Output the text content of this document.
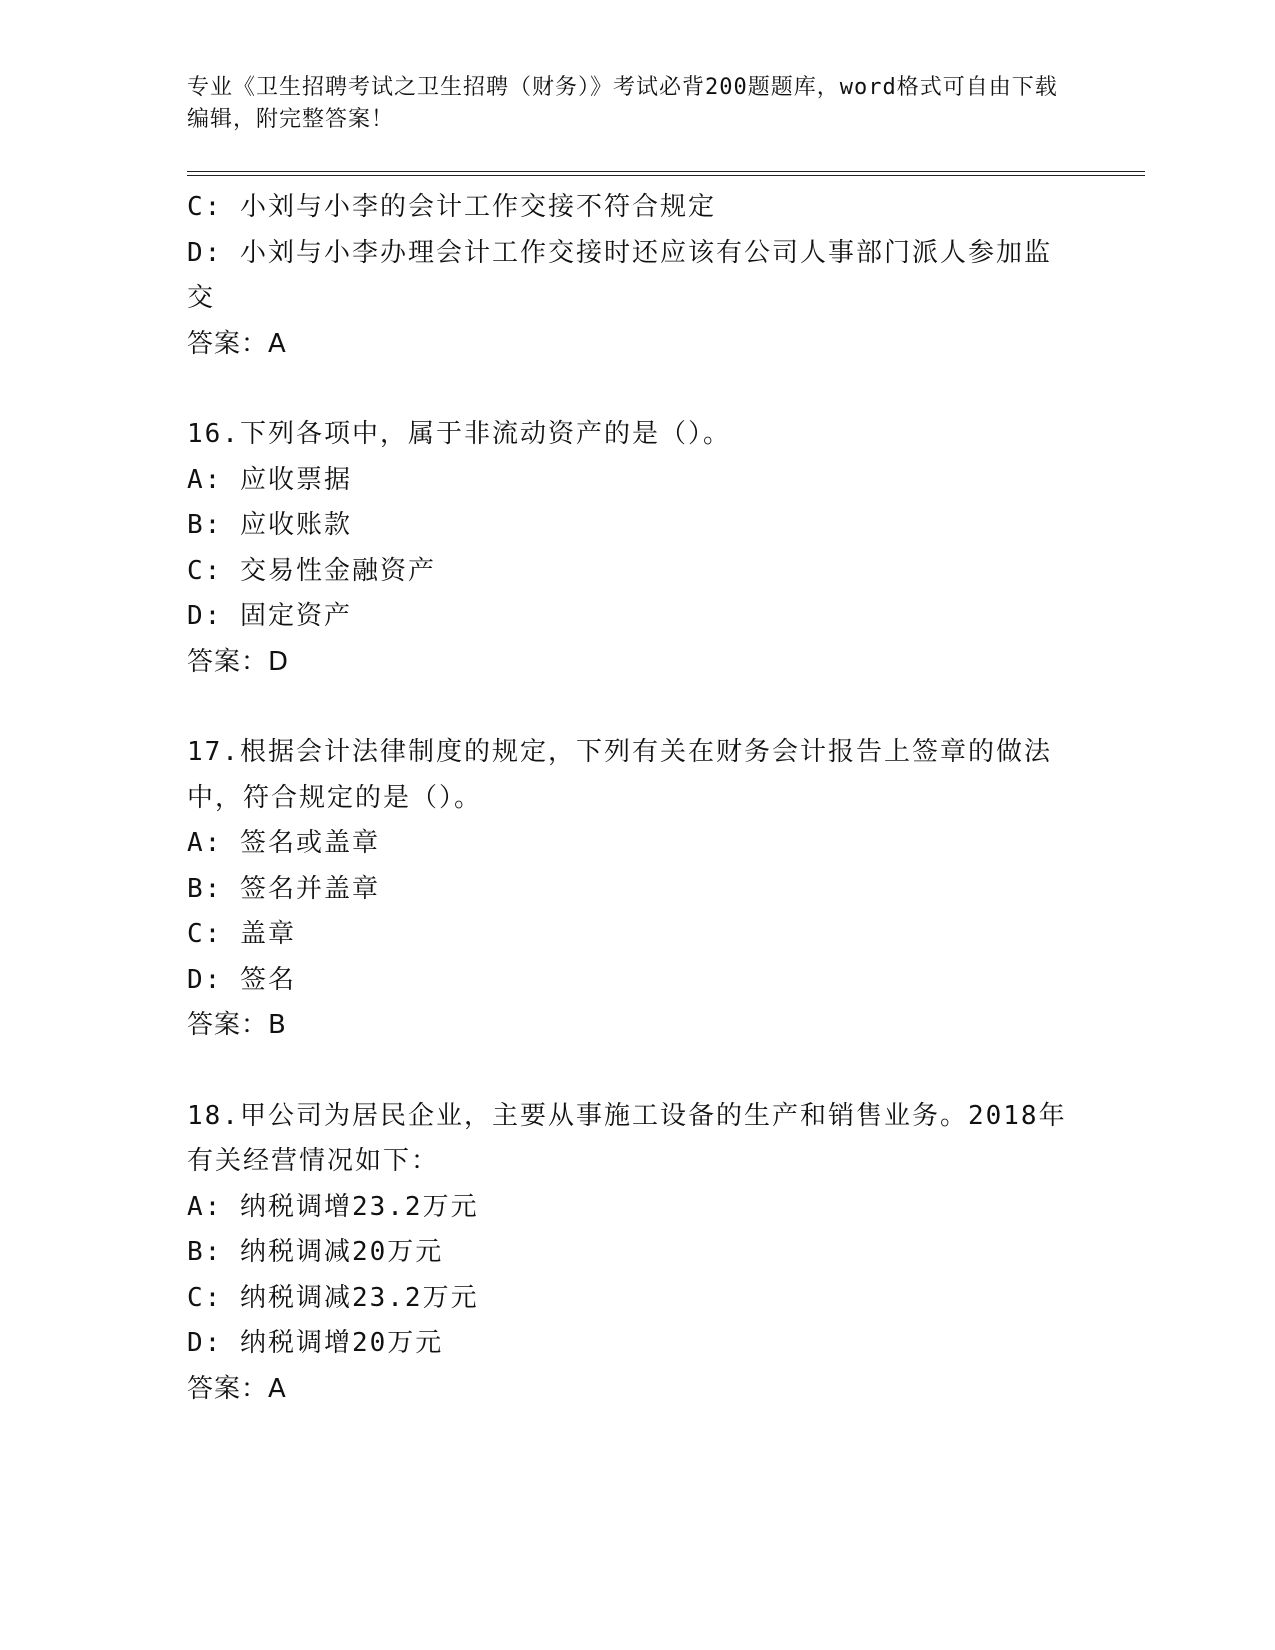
专业《卫生招聘考试之卫生招聘（财务）》考试必背200题题库，word格式可自由下载编辑，附完整答案！
C: 小刘与小李的会计工作交接不符合规定
D: 小刘与小李办理会计工作交接时还应该有公司人事部门派人参加监交
答案：A
16.下列各项中，属于非流动资产的是（）。
A: 应收票据
B: 应收账款
C: 交易性金融资产
D: 固定资产
答案：D
17.根据会计法律制度的规定，下列有关在财务会计报告上签章的做法中，符合规定的是（）。
A: 签名或盖章
B: 签名并盖章
C: 盖章
D: 签名
答案：B
18.甲公司为居民企业，主要从事施工设备的生产和销售业务。2018年有关经营情况如下：
A: 纳税调增23.2万元
B: 纳税调减20万元
C: 纳税调减23.2万元
D: 纳税调增20万元
答案：A
